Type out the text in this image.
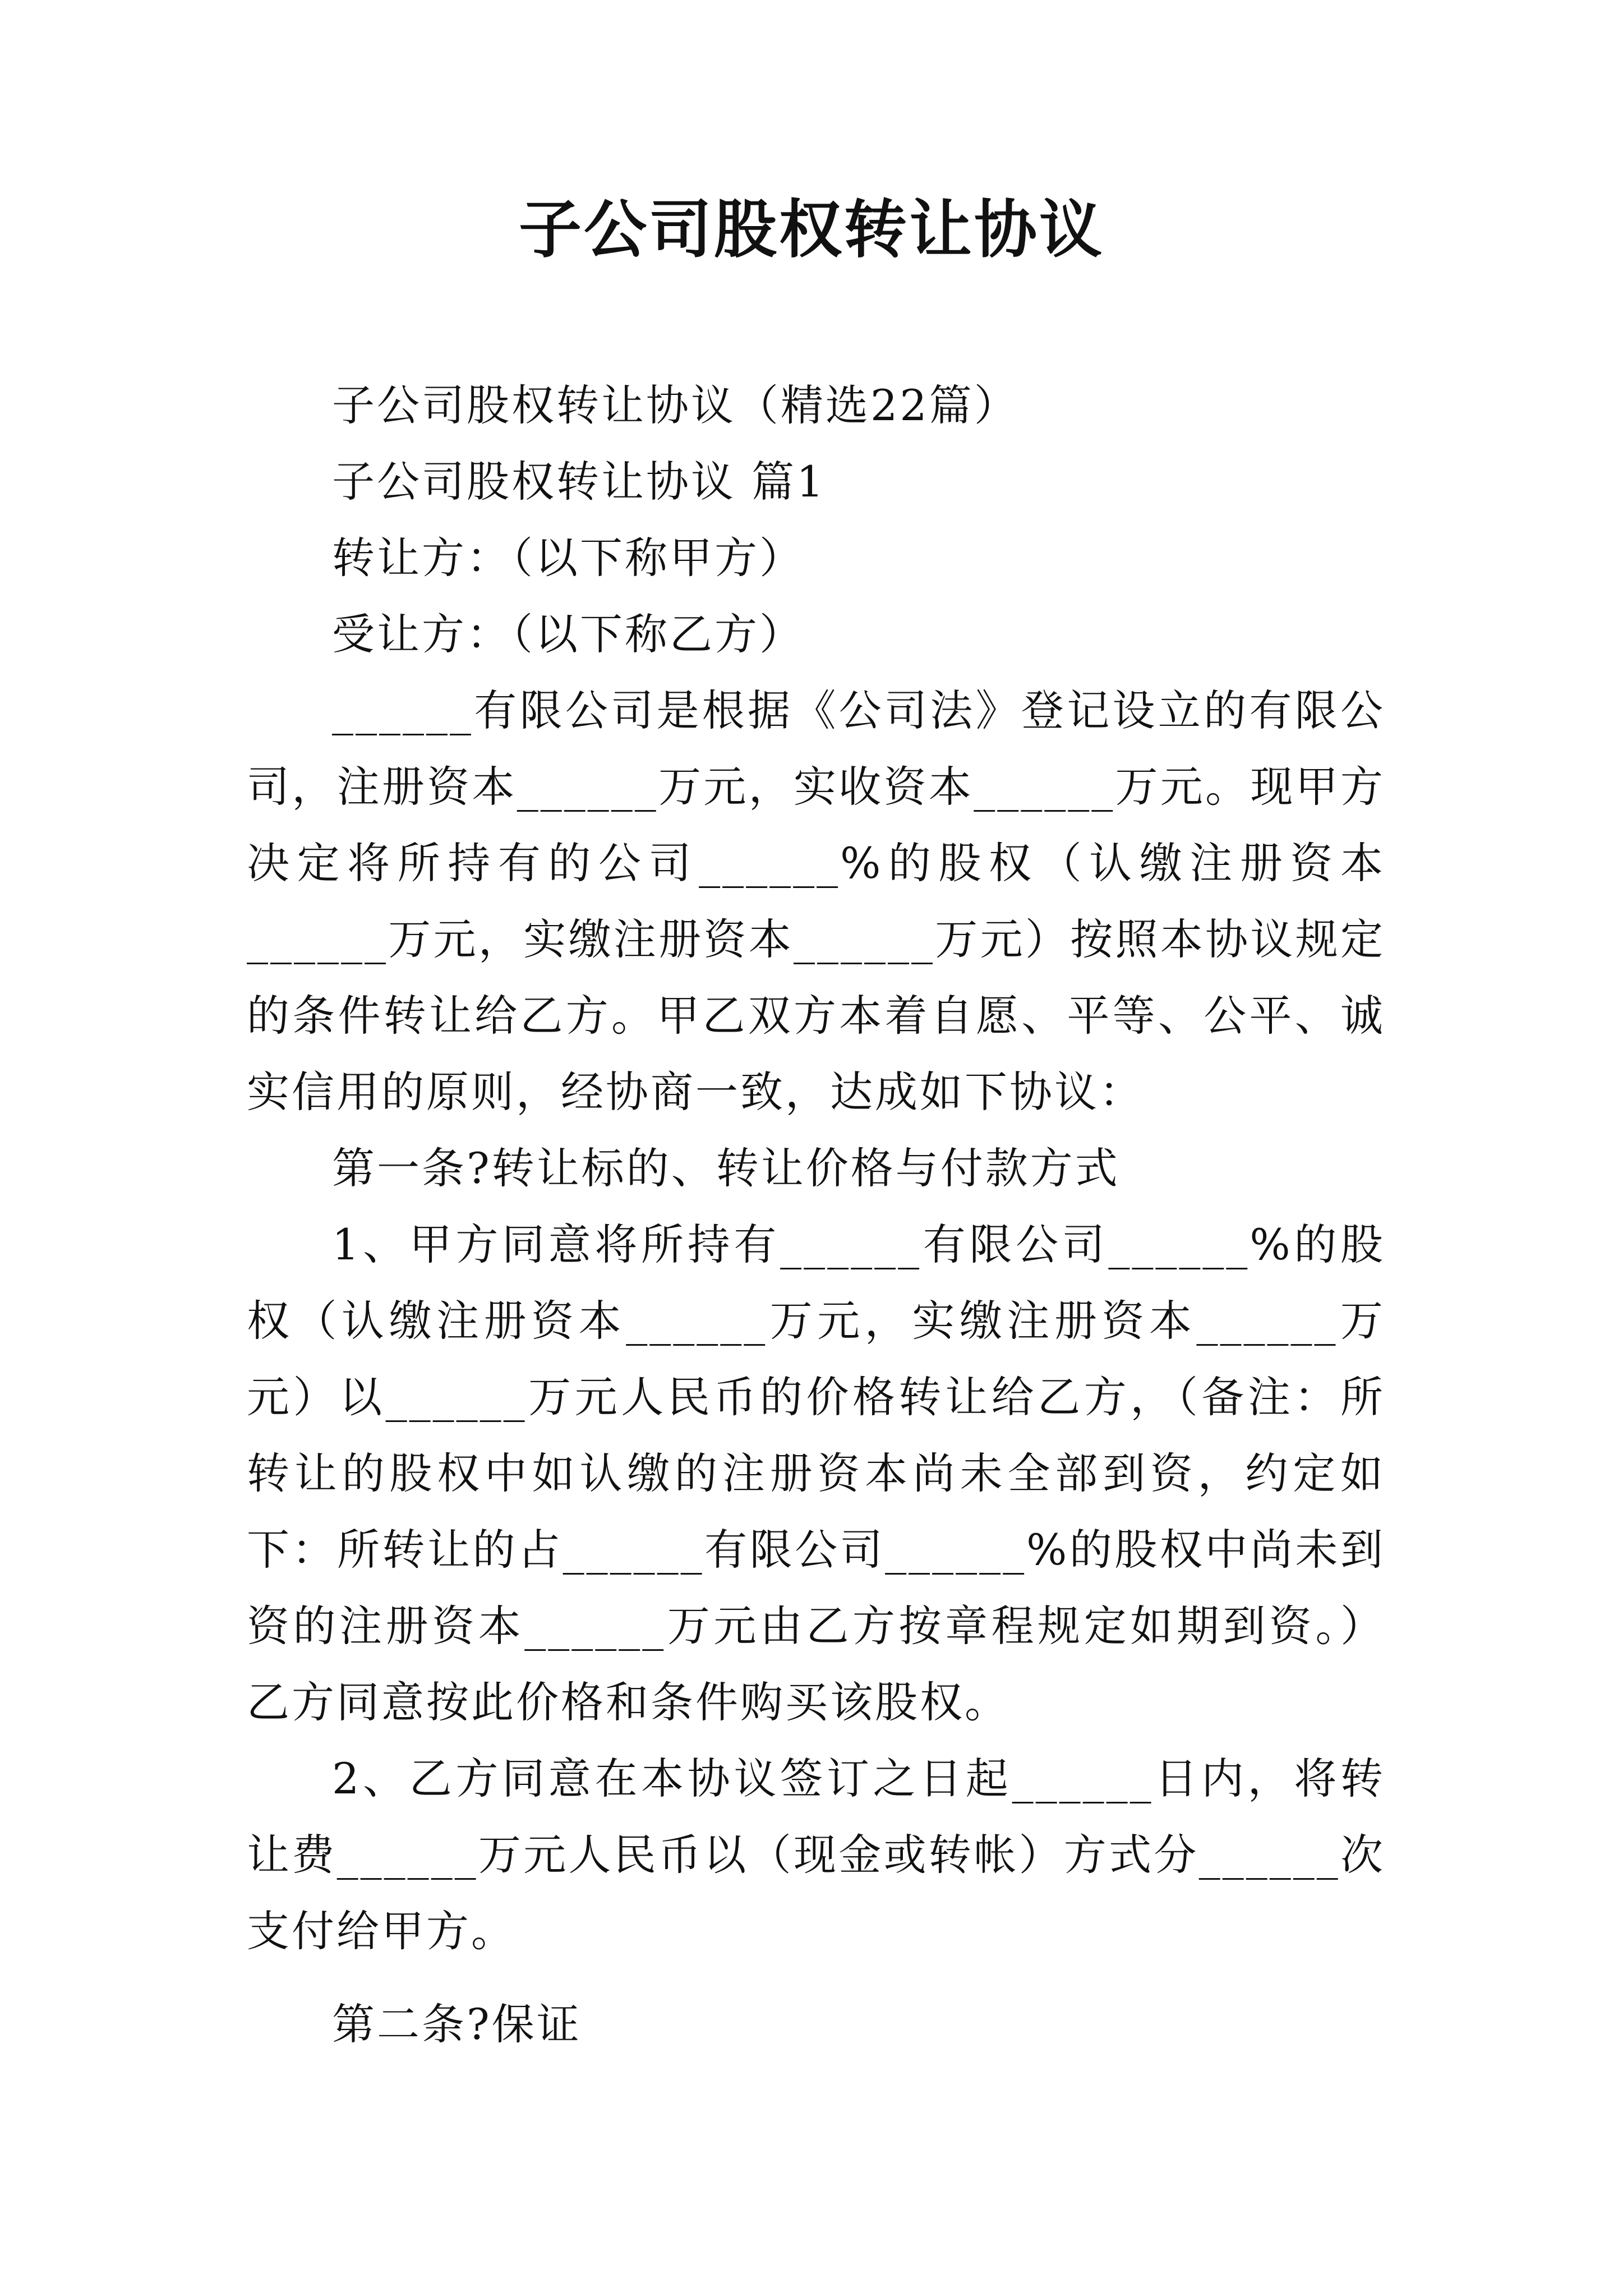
子公司股权转让协议

子公司股权转让协议（精选22篇）

子公司股权转让协议 篇1

转让方：（以下称甲方）

受让方：（以下称乙方）

______有限公司是根据《公司法》登记设立的有限公司，注册资本______万元，实收资本______万元。现甲方决定将所持有的公司______%的股权（认缴注册资本______万元，实缴注册资本______万元）按照本协议规定的条件转让给乙方。甲乙双方本着自愿、平等、公平、诚实信用的原则，经协商一致，达成如下协议：

第一条?转让标的、转让价格与付款方式

1、甲方同意将所持有______有限公司______%的股权（认缴注册资本______万元，实缴注册资本______万元）以______万元人民币的价格转让给乙方，（备注：所转让的股权中如认缴的注册资本尚未全部到资，约定如下：所转让的占______有限公司______%的股权中尚未到资的注册资本______万元由乙方按章程规定如期到资。）乙方同意按此价格和条件购买该股权。

2、乙方同意在本协议签订之日起______日内，将转让费______万元人民币以（现金或转帐）方式分______次支付给甲方。

第二条?保证
